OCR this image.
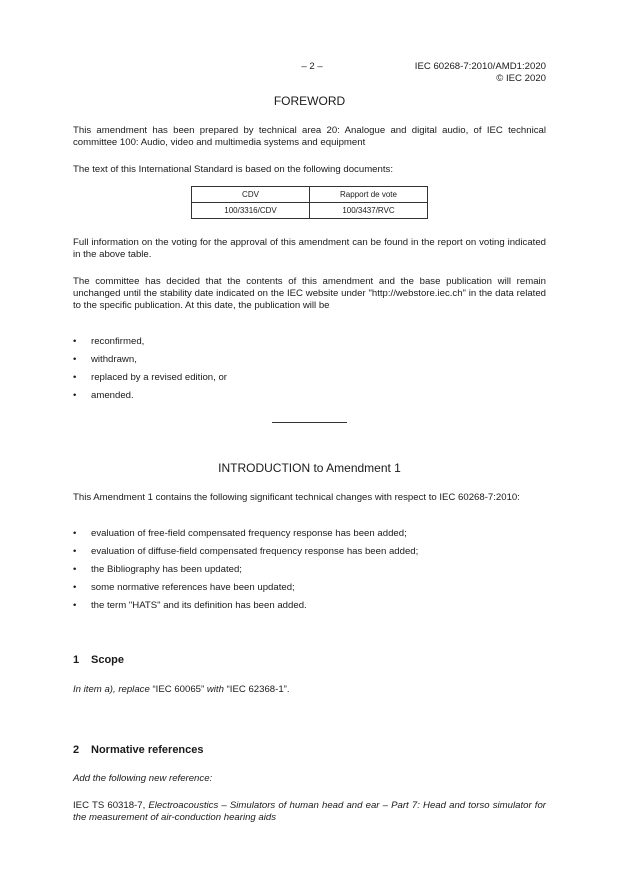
– 2 –	IEC 60268-7:2010/AMD1:2020
© IEC 2020
FOREWORD
This amendment has been prepared by technical area 20: Analogue and digital audio, of IEC technical committee 100: Audio, video and multimedia systems and equipment
The text of this International Standard is based on the following documents:
CDV	Rapport de vote
100/3316/CDV	100/3437/RVC
Full information on the voting for the approval of this amendment can be found in the report on voting indicated in the above table.
The committee has decided that the contents of this amendment and the base publication will remain unchanged until the stability date indicated on the IEC website under "http://webstore.iec.ch" in the data related to the specific publication. At this date, the publication will be
• reconfirmed,
• withdrawn,
• replaced by a revised edition, or
• amended.
INTRODUCTION to Amendment 1
This Amendment 1 contains the following significant technical changes with respect to IEC 60268-7:2010:
• evaluation of free-field compensated frequency response has been added;
• evaluation of diffuse-field compensated frequency response has been added;
• the Bibliography has been updated;
• some normative references have been updated;
• the term "HATS" and its definition has been added.
1 Scope
In item a), replace “IEC 60065” with “IEC 62368-1”.
2 Normative references
Add the following new reference:
IEC TS 60318-7, Electroacoustics – Simulators of human head and ear – Part 7: Head and torso simulator for the measurement of air-conduction hearing aids
